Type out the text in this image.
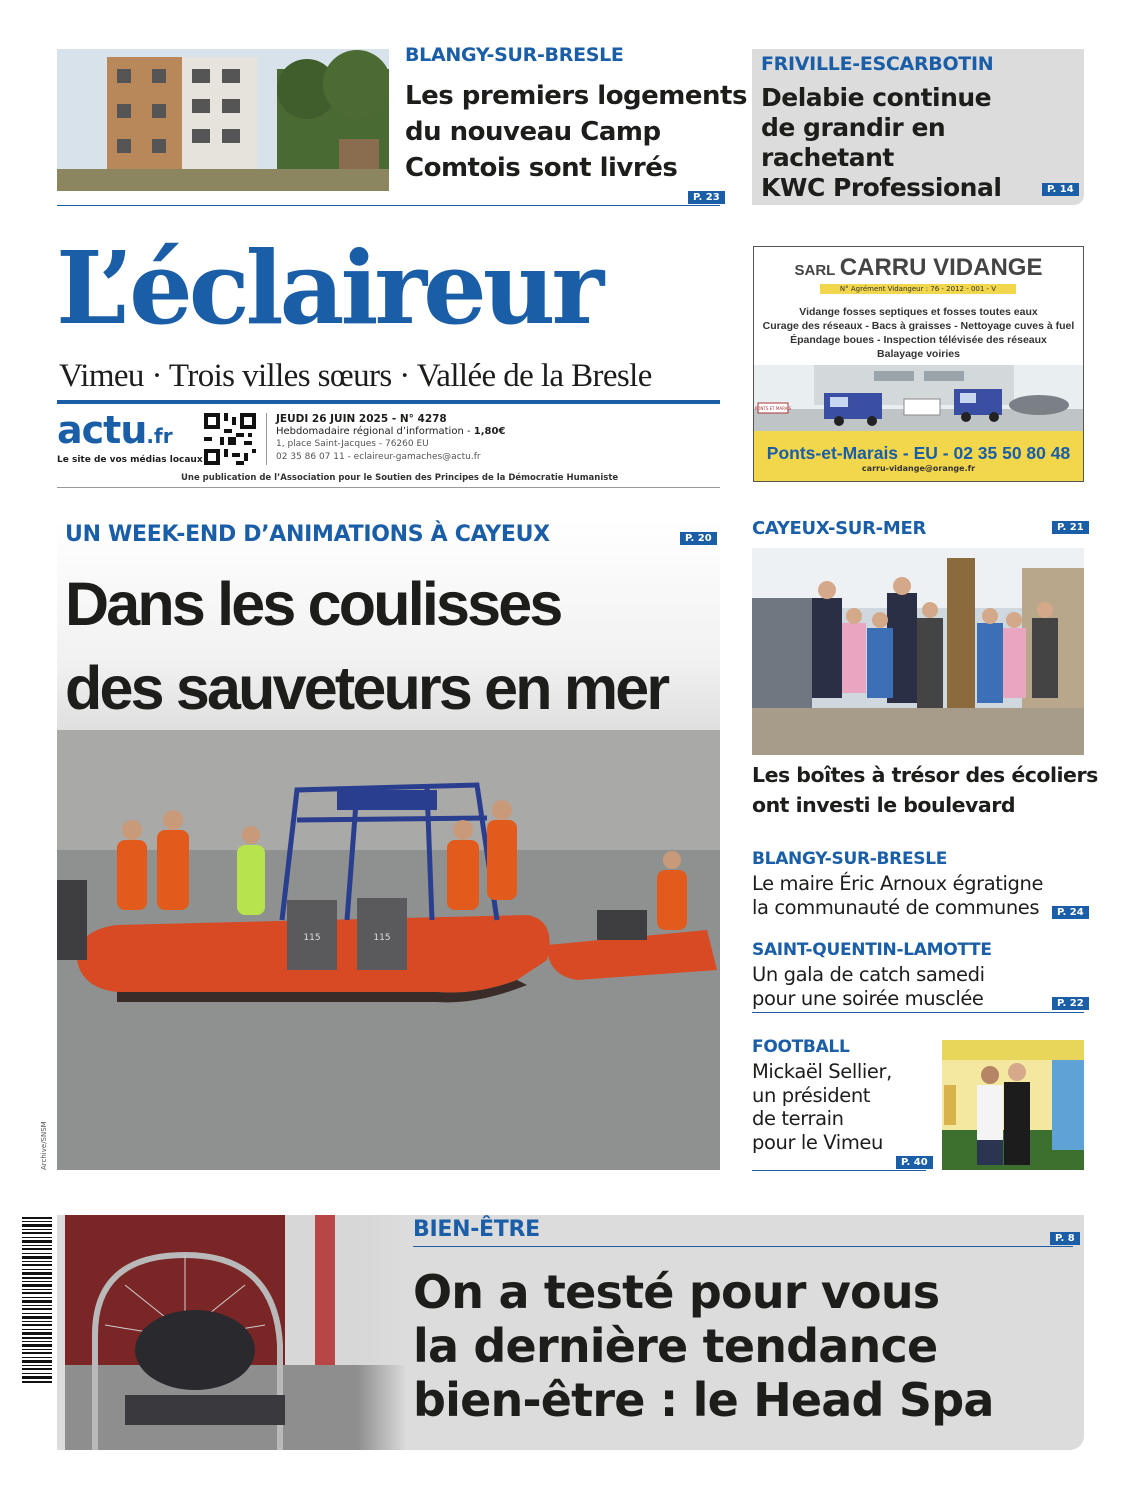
BLANGY-SUR-BRESLE
Les premiers logements
du nouveau Camp
Comtois sont livrés
P. 23
FRIVILLE-ESCARBOTIN
Delabie continue
de grandir en rachetant
KWC Professional	P. 14
L’éclaireur
Vimeu · Trois villes sœurs · Vallée de la Bresle
actu.fr
Le site de vos médias locaux
JEUDI 26 JUIN 2025 - N° 4278
Hebdomadaire régional d’information - 1,80€
1, place Saint-Jacques - 76260 EU
02 35 86 07 11 - eclaireur-gamaches@actu.fr
Une publication de l’Association pour le Soutien des Principes de la Démocratie Humaniste
SARL CARRU VIDANGE
N° Agrément Vidangeur : 76 - 2012 - 001 - V
Vidange fosses septiques et fosses toutes eaux
Curage des réseaux - Bacs à graisses - Nettoyage cuves à fuel
Épandage boues - Inspection télévisée des réseaux
Balayage voiries
PONTS ET MARAIS
Ponts-et-Marais - EU - 02 35 50 80 48
carru-vidange@orange.fr
115	115
UN WEEK-END D’ANIMATIONS À CAYEUX	P. 20
Dans les coulisses
des sauveteurs en mer
Archive/SNSM
CAYEUX-SUR-MER	P. 21
Les boîtes à trésor des écoliers
ont investi le boulevard
BLANGY-SUR-BRESLE
Le maire Éric Arnoux égratigne
la communauté de communes	P. 24
SAINT-QUENTIN-LAMOTTE
Un gala de catch samedi
pour une soirée musclée	P. 22
FOOTBALL
Mickaël Sellier,
un président
de terrain
pour le Vimeu
P. 40
BIEN-ÊTRE	P. 8
On a testé pour vous
la dernière tendance
bien-être : le Head Spa
